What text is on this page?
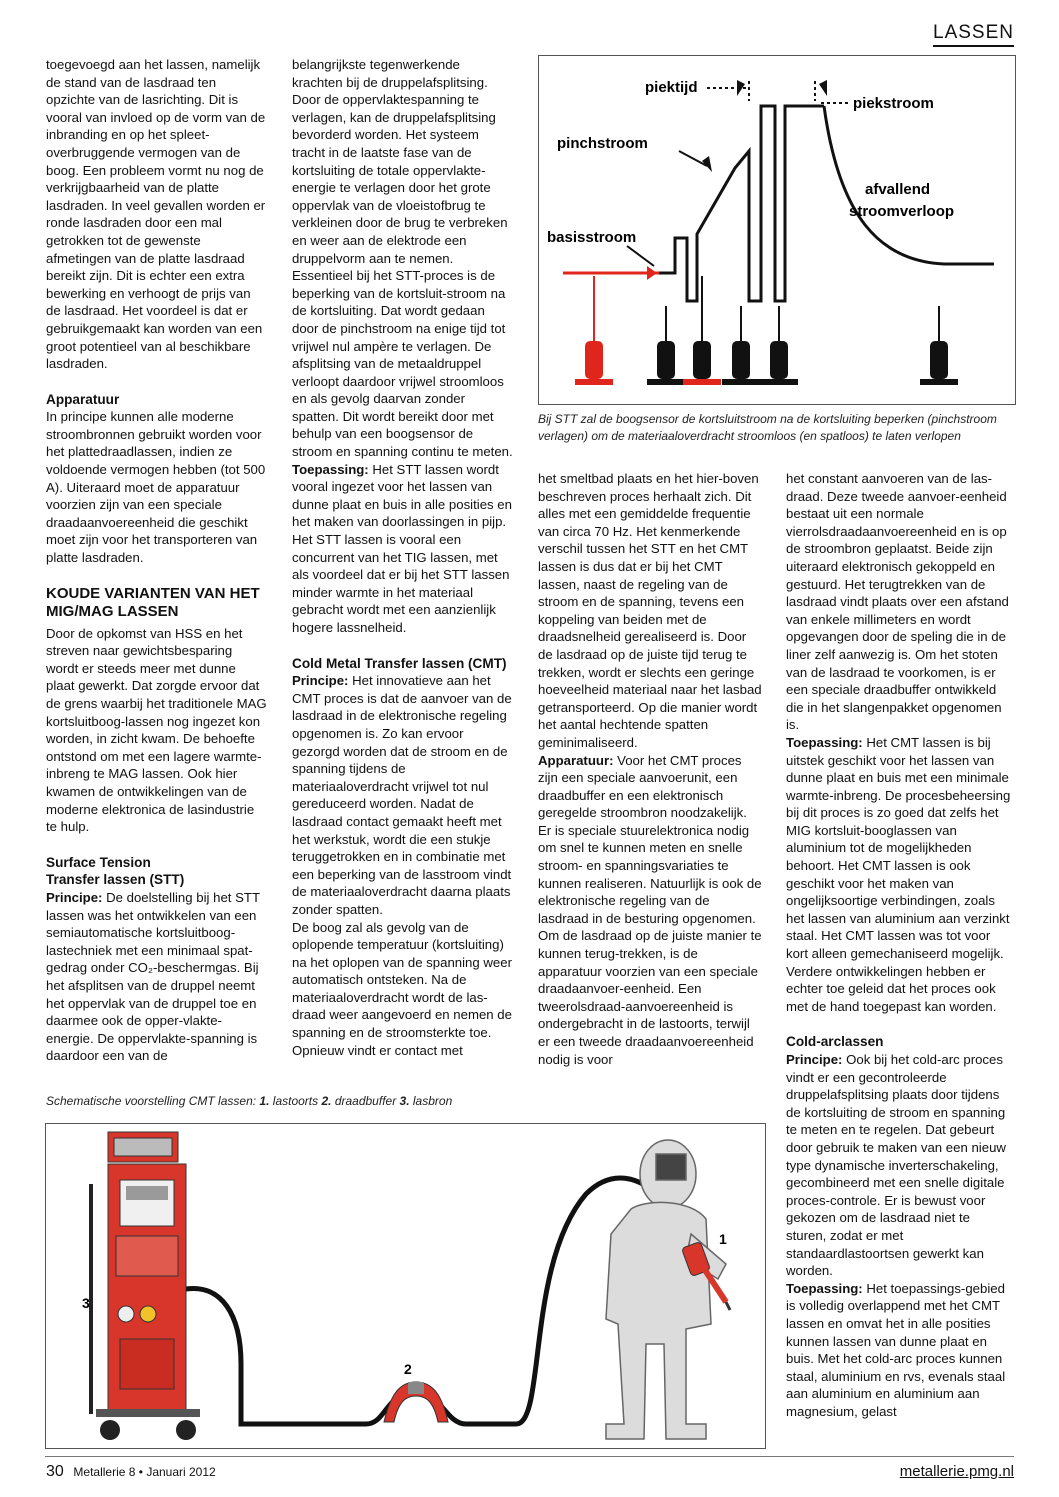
LASSEN

toegevoegd aan het lassen, namelijk de stand van de lasdraad ten opzichte van de lasrichting. Dit is vooral van invloed op de vorm van de inbranding en op het spleet-overbruggende vermogen van de boog. Een probleem vormt nu nog de verkrijgbaarheid van de platte lasdraden. In veel gevallen worden er ronde lasdraden door een mal getrokken tot de gewenste afmetingen van de platte lasdraad bereikt zijn. Dit is echter een extra bewerking en verhoogt de prijs van de lasdraad. Het voordeel is dat er gebruikgemaakt kan worden van een groot potentieel van al beschikbare lasdraden.

Apparatuur

In principe kunnen alle moderne stroombronnen gebruikt worden voor het plattedraadlassen, indien ze voldoende vermogen hebben (tot 500 A). Uiteraard moet de apparatuur voorzien zijn van een speciale draadaanvoereenheid die geschikt moet zijn voor het transporteren van platte lasdraden.

KOUDE VARIANTEN VAN HET MIG/MAG LASSEN

Door de opkomst van HSS en het streven naar gewichtsbesparing wordt er steeds meer met dunne plaat gewerkt. Dat zorgde ervoor dat de grens waarbij het traditionele MAG kortsluitboog-lassen nog ingezet kon worden, in zicht kwam. De behoefte ontstond om met een lagere warmte-inbreng te MAG lassen. Ook hier kwamen de ontwikkelingen van de moderne elektronica de lasindustrie te hulp.

Surface Tension
Transfer lassen (STT)

Principe: De doelstelling bij het STT lassen was het ontwikkelen van een semiautomatische kortsluitboog-lastechniek met een minimaal spat-gedrag onder CO₂-beschermgas. Bij het afsplitsen van de druppel neemt het oppervlak van de druppel toe en daarmee ook de opper-vlakte-energie. De oppervlakte-spanning is daardoor een van de

belangrijkste tegenwerkende krachten bij de druppelafsplitsing. Door de oppervlaktespanning te verlagen, kan de druppelafsplitsing bevorderd worden. Het systeem tracht in de laatste fase van de kortsluiting de totale oppervlakte-energie te verlagen door het grote oppervlak van de vloeistofbrug te verkleinen door de brug te verbreken en weer aan de elektrode een druppelvorm aan te nemen. Essentieel bij het STT-proces is de beperking van de kortsluit-stroom na de kortsluiting. Dat wordt gedaan door de pinchstroom na enige tijd tot vrijwel nul ampère te verlagen. De afsplitsing van de metaaldruppel verloopt daardoor vrijwel stroomloos en als gevolg daarvan zonder spatten. Dit wordt bereikt door met behulp van een boogsensor de stroom en spanning continu te meten.

Toepassing: Het STT lassen wordt vooral ingezet voor het lassen van dunne plaat en buis in alle posities en het maken van doorlassingen in pijp. Het STT lassen is vooral een concurrent van het TIG lassen, met als voordeel dat er bij het STT lassen minder warmte in het materiaal gebracht wordt met een aanzienlijk hogere lassnelheid.

Cold Metal Transfer lassen (CMT)

Principe: Het innovatieve aan het CMT proces is dat de aanvoer van de lasdraad in de elektronische regeling opgenomen is. Zo kan ervoor gezorgd worden dat de stroom en de spanning tijdens de materiaaloverdracht vrijwel tot nul gereduceerd worden. Nadat de lasdraad contact gemaakt heeft met het werkstuk, wordt die een stukje teruggetrokken en in combinatie met een beperking van de lasstroom vindt de materiaaloverdracht daarna plaats zonder spatten.

De boog zal als gevolg van de oplopende temperatuur (kortsluiting) na het oplopen van de spanning weer automatisch ontsteken. Na de materiaaloverdracht wordt de las-draad weer aangevoerd en nemen de spanning en de stroomsterkte toe. Opnieuw vindt er contact met

het smeltbad plaats en het hier-boven beschreven proces herhaalt zich. Dit alles met een gemiddelde frequentie van circa 70 Hz. Het kenmerkende verschil tussen het STT en het CMT lassen is dus dat er bij het CMT lassen, naast de regeling van de stroom en de spanning, tevens een koppeling van beiden met de draadsnelheid gerealiseerd is. Door de lasdraad op de juiste tijd terug te trekken, wordt er slechts een geringe hoeveelheid materiaal naar het lasbad getransporteerd. Op die manier wordt het aantal hechtende spatten geminimaliseerd.

Apparatuur: Voor het CMT proces zijn een speciale aanvoerunit, een draadbuffer en een elektronisch geregelde stroombron noodzakelijk. Er is speciale stuurelektronica nodig om snel te kunnen meten en snelle stroom- en spanningsvariaties te kunnen realiseren. Natuurlijk is ook de elektronische regeling van de lasdraad in de besturing opgenomen. Om de lasdraad op de juiste manier te kunnen terug-trekken, is de apparatuur voorzien van een speciale draadaanvoer-eenheid. Een tweerolsdraad-aanvoereenheid is ondergebracht in de lastoorts, terwijl er een tweede draadaanvoereenheid nodig is voor

het constant aanvoeren van de las-draad. Deze tweede aanvoer-eenheid bestaat uit een normale vierrolsdraadaanvoereenheid en is op de stroombron geplaatst. Beide zijn uiteraard elektronisch gekoppeld en gestuurd. Het terugtrekken van de lasdraad vindt plaats over een afstand van enkele millimeters en wordt opgevangen door de speling die in de liner zelf aanwezig is. Om het stoten van de lasdraad te voorkomen, is er een speciale draadbuffer ontwikkeld die in het slangenpakket opgenomen is.

Toepassing: Het CMT lassen is bij uitstek geschikt voor het lassen van dunne plaat en buis met een minimale warmte-inbreng. De procesbeheersing bij dit proces is zo goed dat zelfs het MIG kortsluit-booglassen van aluminium tot de mogelijkheden behoort. Het CMT lassen is ook geschikt voor het maken van ongelijksoortige verbindingen, zoals het lassen van aluminium aan verzinkt staal. Het CMT lassen was tot voor kort alleen gemechaniseerd mogelijk. Verdere ontwikkelingen hebben er echter toe geleid dat het proces ook met de hand toegepast kan worden.

Cold-arclassen

Principe: Ook bij het cold-arc proces vindt er een gecontroleerde druppelafsplitsing plaats door tijdens de kortsluiting de stroom en spanning te meten en te regelen. Dat gebeurt door gebruik te maken van een nieuw type dynamische inverterschakeling, gecombineerd met een snelle digitale proces-controle. Er is bewust voor gekozen om de lasdraad niet te sturen, zodat er met standaardlastoortsen gewerkt kan worden.

Toepassing: Het toepassings-gebied is volledig overlappend met het CMT lassen en omvat het in alle posities kunnen lassen van dunne plaat en buis. Met het cold-arc proces kunnen staal, aluminium en rvs, evenals staal aan aluminium en aluminium aan magnesium, gelast

piektijd
piekstroom
pinchstroom
afvallend
stroomverloop
basisstroom
Bij STT zal de boogsensor de kortsluitstroom na de kortsluiting beperken (pinchstroom verlagen) om de materiaaloverdracht stroomloos (en spatloos) te laten verlopen
Schematische voorstelling CMT lassen: 1. lastoorts 2. draadbuffer 3. lasbron
1
2
3
30 Metallerie 8 • Januari 2012	metallerie.pmg.nl
